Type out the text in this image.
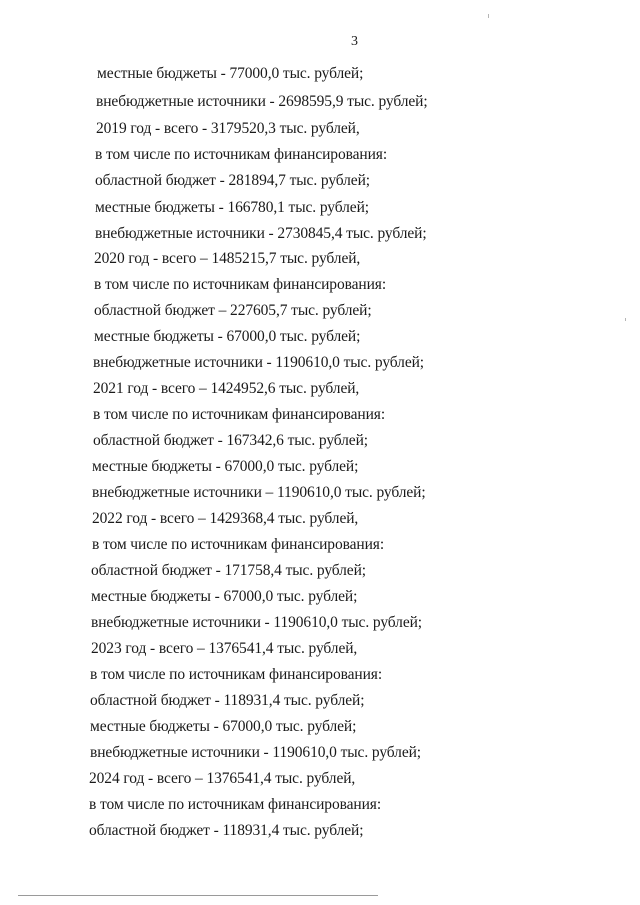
3
местные бюджеты - 77000,0 тыс. рублей;
внебюджетные источники - 2698595,9 тыс. рублей;
2019 год - всего - 3179520,3 тыс. рублей,
в том числе по источникам финансирования:
областной бюджет - 281894,7 тыс. рублей;
местные бюджеты - 166780,1 тыс. рублей;
внебюджетные источники - 2730845,4 тыс. рублей;
2020 год - всего – 1485215,7 тыс. рублей,
в том числе по источникам финансирования:
областной бюджет – 227605,7 тыс. рублей;
местные бюджеты - 67000,0 тыс. рублей;
внебюджетные источники - 1190610,0 тыс. рублей;
2021 год - всего – 1424952,6 тыс. рублей,
в том числе по источникам финансирования:
областной бюджет - 167342,6 тыс. рублей;
местные бюджеты - 67000,0 тыс. рублей;
внебюджетные источники – 1190610,0 тыс. рублей;
2022 год - всего – 1429368,4 тыс. рублей,
в том числе по источникам финансирования:
областной бюджет - 171758,4 тыс. рублей;
местные бюджеты - 67000,0 тыс. рублей;
внебюджетные источники - 1190610,0 тыс. рублей;
2023 год - всего – 1376541,4 тыс. рублей,
в том числе по источникам финансирования:
областной бюджет - 118931,4 тыс. рублей;
местные бюджеты - 67000,0 тыс. рублей;
внебюджетные источники - 1190610,0 тыс. рублей;
2024 год - всего – 1376541,4 тыс. рублей,
в том числе по источникам финансирования:
областной бюджет - 118931,4 тыс. рублей;
